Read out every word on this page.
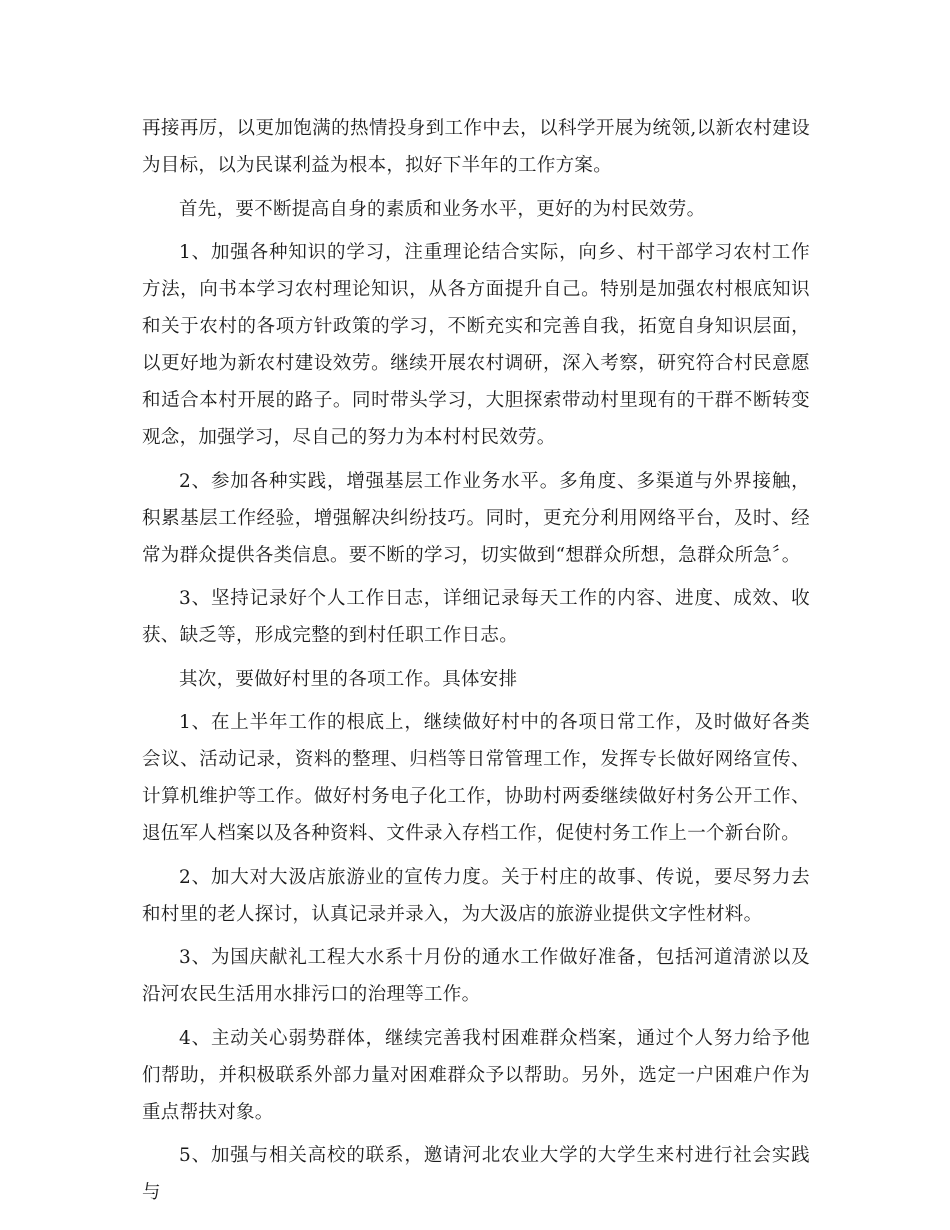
再接再厉，以更加饱满的热情投身到工作中去，以科学开展为统领,以新农村建设为目标，以为民谋利益为根本，拟好下半年的工作方案。

首先，要不断提高自身的素质和业务水平，更好的为村民效劳。

1、加强各种知识的学习，注重理论结合实际，向乡、村干部学习农村工作方法，向书本学习农村理论知识，从各方面提升自己。特别是加强农村根底知识和关于农村的各项方针政策的学习，不断充实和完善自我，拓宽自身知识层面，以更好地为新农村建设效劳。继续开展农村调研，深入考察，研究符合村民意愿和适合本村开展的路子。同时带头学习，大胆探索带动村里现有的干群不断转变观念，加强学习，尽自己的努力为本村村民效劳。

2、参加各种实践，增强基层工作业务水平。多角度、多渠道与外界接触，积累基层工作经验，增强解决纠纷技巧。同时，更充分利用网络平台，及时、经常为群众提供各类信息。要不断的学习，切实做到“想群众所想，急群众所急〞。

3、坚持记录好个人工作日志，详细记录每天工作的内容、进度、成效、收获、缺乏等，形成完整的到村任职工作日志。

其次，要做好村里的各项工作。具体安排

1、在上半年工作的根底上，继续做好村中的各项日常工作，及时做好各类会议、活动记录，资料的整理、归档等日常管理工作，发挥专长做好网络宣传、计算机维护等工作。做好村务电子化工作，协助村两委继续做好村务公开工作、退伍军人档案以及各种资料、文件录入存档工作，促使村务工作上一个新台阶。

2、加大对大汲店旅游业的宣传力度。关于村庄的故事、传说，要尽努力去和村里的老人探讨，认真记录并录入，为大汲店的旅游业提供文字性材料。

3、为国庆献礼工程大水系十月份的通水工作做好准备，包括河道清淤以及沿河农民生活用水排污口的治理等工作。

4、主动关心弱势群体，继续完善我村困难群众档案，通过个人努力给予他们帮助，并积极联系外部力量对困难群众予以帮助。另外，选定一户困难户作为重点帮扶对象。

5、加强与相关高校的联系，邀请河北农业大学的大学生来村进行社会实践与
